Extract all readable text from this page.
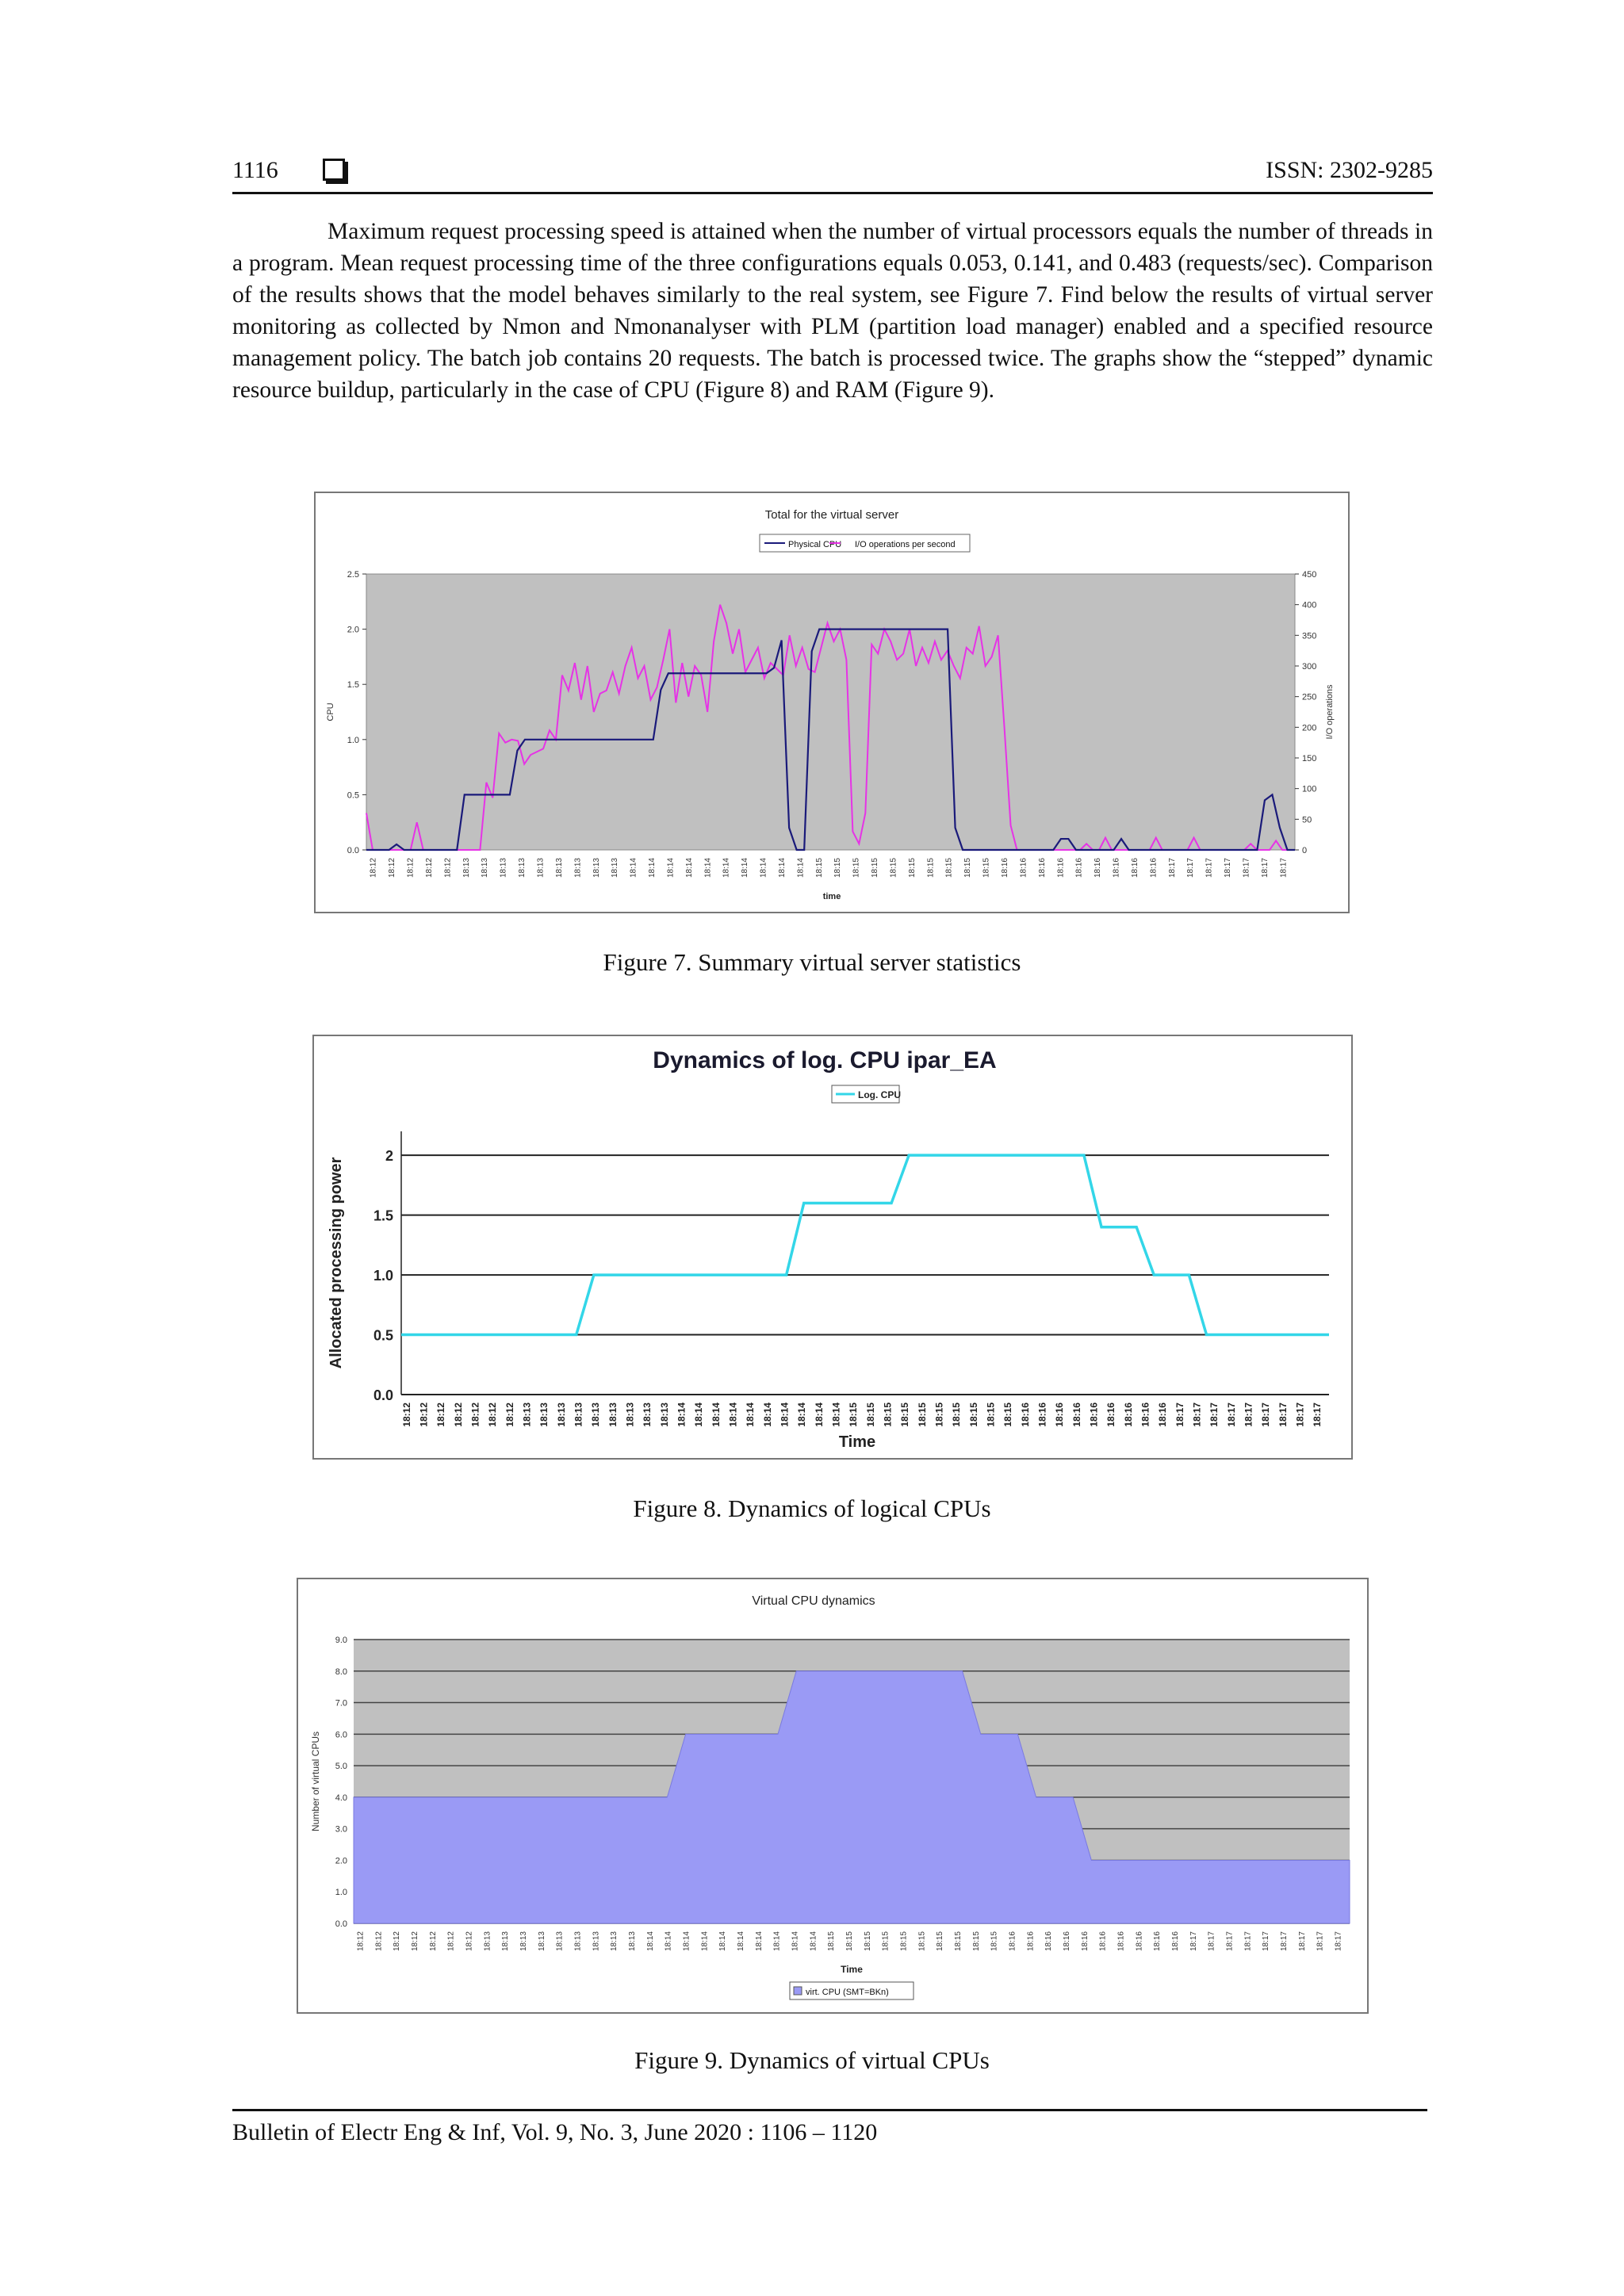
1116	ISSN: 2302-9285
Maximum request processing speed is attained when the number of virtual processors equals the number of threads in a program. Mean request processing time of the three configurations equals 0.053, 0.141, and 0.483 (requests/sec). Comparison of the results shows that the model behaves similarly to the real system, see Figure 7. Find below the results of virtual server monitoring as collected by Nmon and Nmonanalyser with PLM (partition load manager) enabled and a specified resource management policy. The batch job contains 20 requests. The batch is processed twice. The graphs show the “stepped” dynamic resource buildup, particularly in the case of CPU (Figure 8) and RAM (Figure 9).
Total for the virtual server
Physical CPU I/O operations per second
0.0
0.5
1.0
1.5
2.0
2.5
0
50
100
150
200
250
300
350
400
450
CPU	I/O operations
18:12 18:12 18:12 18:12 18:12 18:13 18:13 18:13 18:13 18:13 18:13 18:13 18:13 18:13 18:14 18:14 18:14 18:14 18:14 18:14 18:14 18:14 18:14 18:14 18:15 18:15 18:15 18:15 18:15 18:15 18:15 18:15 18:15 18:15 18:16 18:16 18:16 18:16 18:16 18:16 18:16 18:16 18:16 18:17 18:17 18:17 18:17 18:17 18:17 18:17
time
Figure 7. Summary virtual server statistics
Dynamics of log. CPU ipar_EA
Log. CPU
0.0
0.5
1.0
1.5
2
Allocated processing power
18:12 18:12 18:12 18:12 18:12 18:12 18:12 18:13 18:13 18:13 18:13 18:13 18:13 18:13 18:13 18:13 18:14 18:14 18:14 18:14 18:14 18:14 18:14 18:14 18:14 18:14 18:15 18:15 18:15 18:15 18:15 18:15 18:15 18:15 18:15 18:15 18:16 18:16 18:16 18:16 18:16 18:16 18:16 18:16 18:16 18:17 18:17 18:17 18:17 18:17 18:17 18:17 18:17 18:17
Time
Figure 8. Dynamics of logical CPUs
Virtual CPU dynamics
0.0
1.0
2.0
3.0
4.0
5.0
6.0
7.0
8.0
9.0
Number of virtual CPUs
18:12 18:12 18:12 18:12 18:12 18:12 18:12 18:13 18:13 18:13 18:13 18:13 18:13 18:13 18:13 18:13 18:14 18:14 18:14 18:14 18:14 18:14 18:14 18:14 18:14 18:14 18:15 18:15 18:15 18:15 18:15 18:15 18:15 18:15 18:15 18:15 18:16 18:16 18:16 18:16 18:16 18:16 18:16 18:16 18:16 18:16 18:17 18:17 18:17 18:17 18:17 18:17 18:17 18:17 18:17
Time
virt. CPU (SMT=BKn)
Figure 9. Dynamics of virtual CPUs
Bulletin of Electr Eng & Inf, Vol. 9, No. 3, June 2020 : 1106 – 1120
